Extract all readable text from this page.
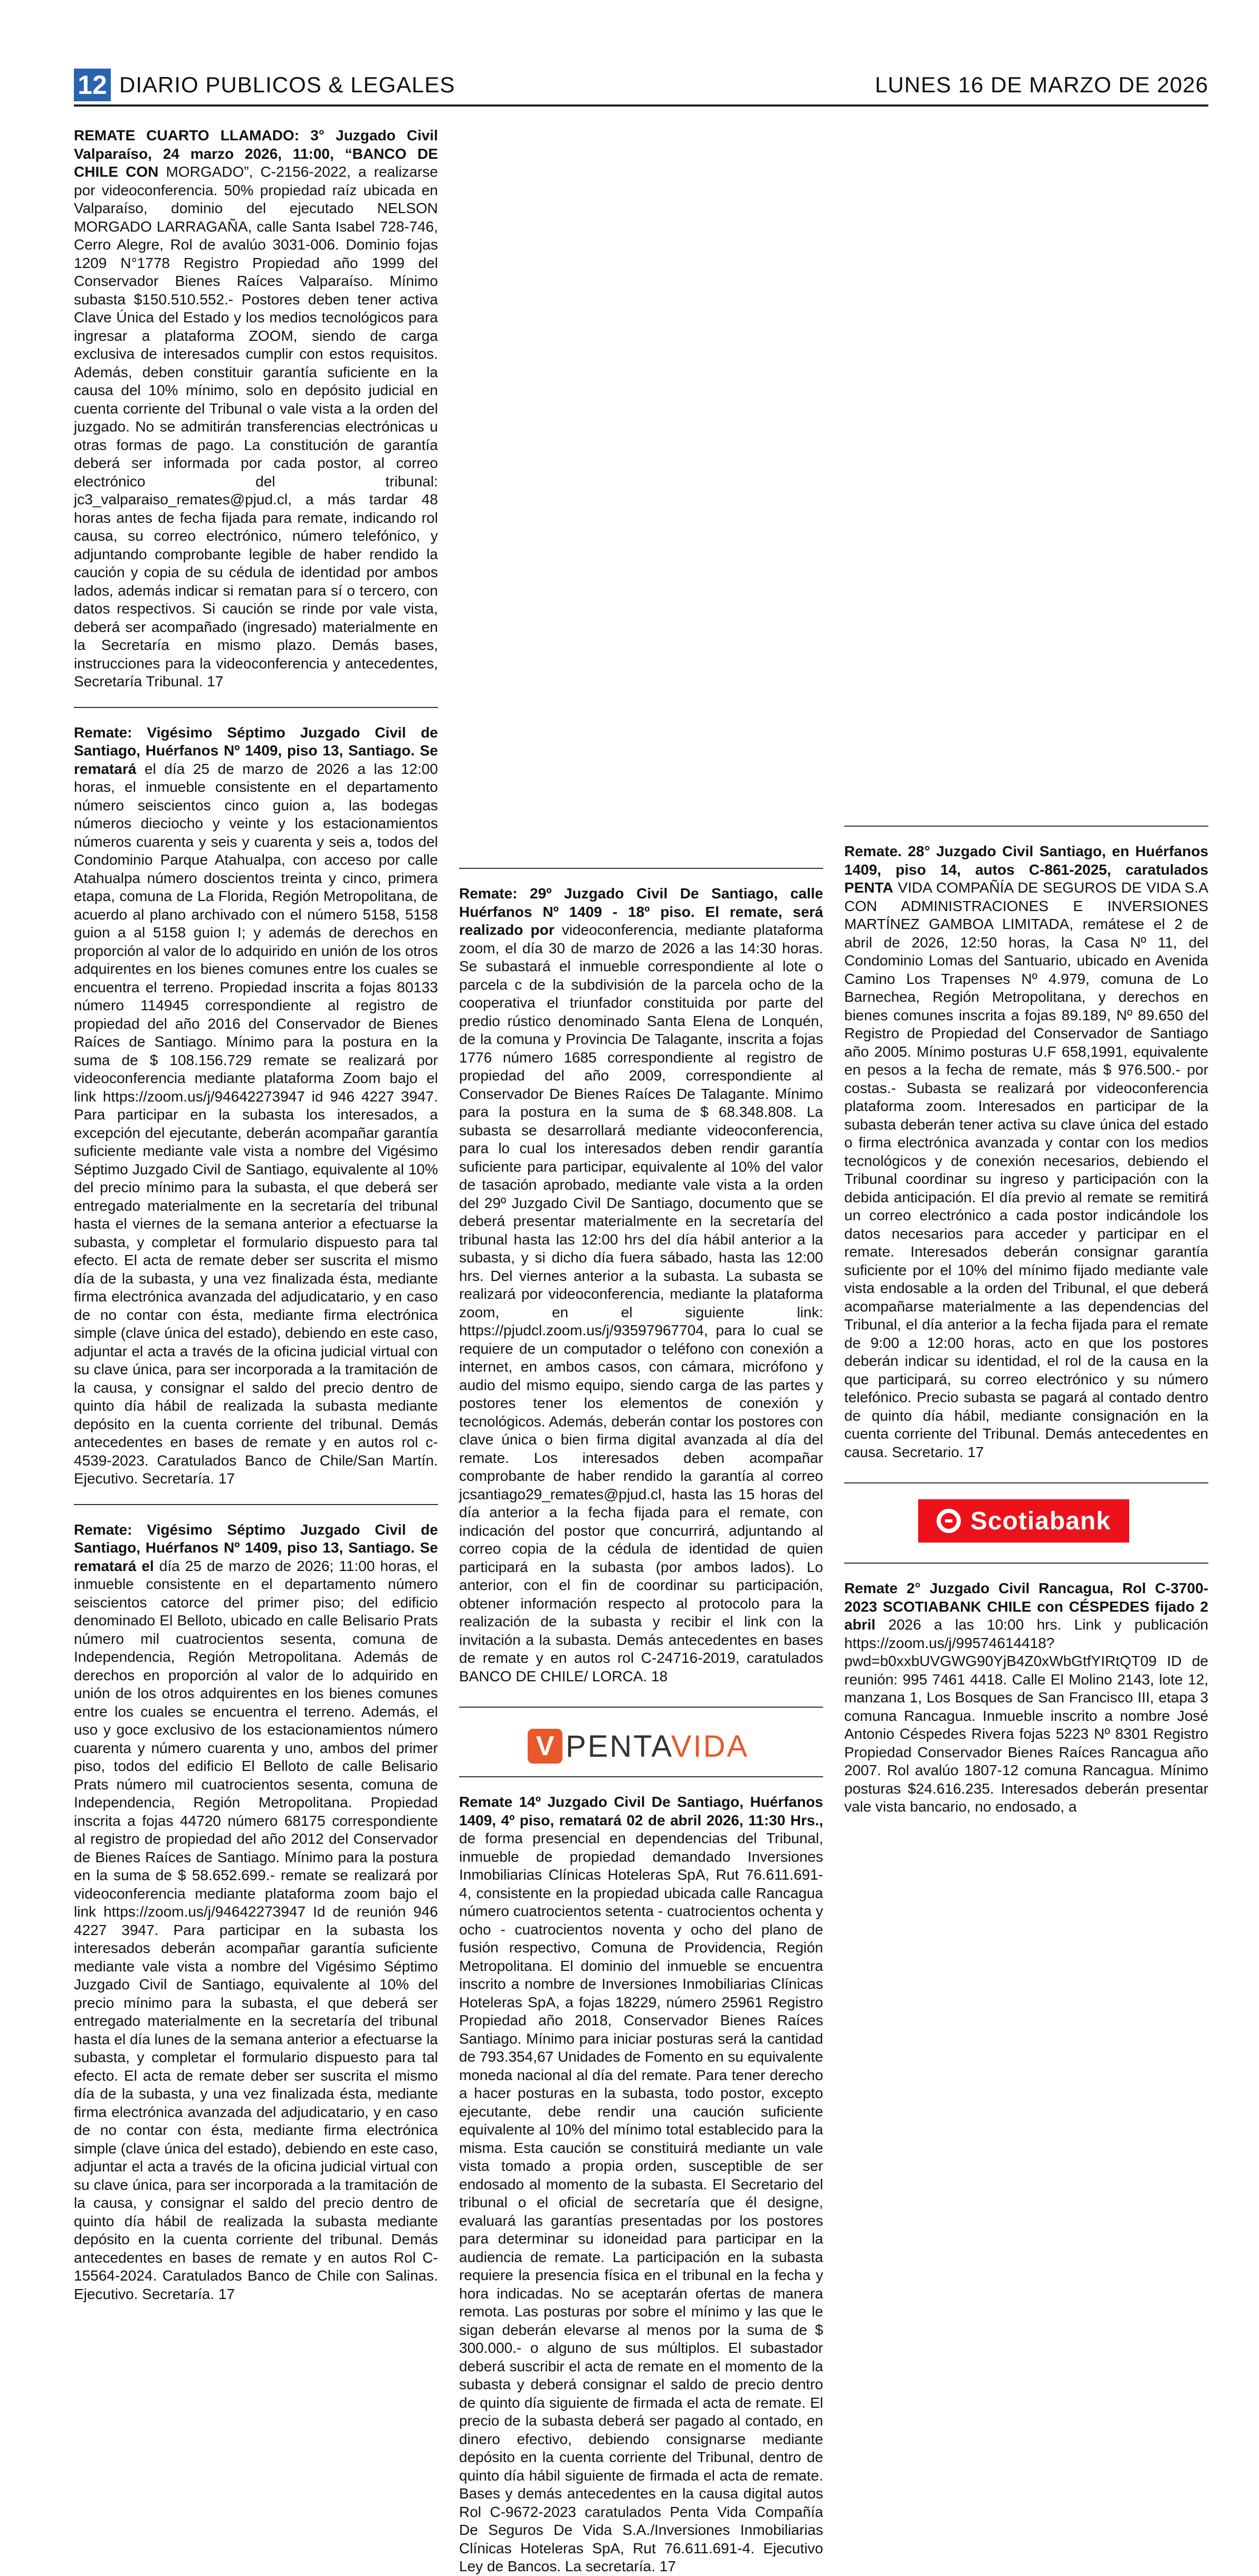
12 DIARIO PUBLICOS & LEGALES	LUNES 16 DE MARZO DE 2026

REMATE CUARTO LLAMADO: 3° Juzgado Civil Valparaíso, 24 marzo 2026, 11:00, “BANCO DE CHILE CON MORGADO”, C-2156-2022, a realizarse por videoconferencia. 50% propiedad raíz ubicada en Valparaíso, dominio del ejecutado NELSON MORGADO LARRAGAÑA, calle Santa Isabel 728-746, Cerro Alegre, Rol de avalúo 3031-006. Dominio fojas 1209 N°1778 Registro Propiedad año 1999 del Conservador Bienes Raíces Valparaíso. Mínimo subasta $150.510.552.- Postores deben tener activa Clave Única del Estado y los medios tecnológicos para ingresar a plataforma ZOOM, siendo de carga exclusiva de interesados cumplir con estos requisitos. Además, deben constituir garantía suficiente en la causa del 10% mínimo, solo en depósito judicial en cuenta corriente del Tribunal o vale vista a la orden del juzgado. No se admitirán transferencias electrónicas u otras formas de pago. La constitución de garantía deberá ser informada por cada postor, al correo electrónico del tribunal: jc3_valparaiso_remates@pjud.cl, a más tardar 48 horas antes de fecha fijada para remate, indicando rol causa, su correo electrónico, número telefónico, y adjuntando comprobante legible de haber rendido la caución y copia de su cédula de identidad por ambos lados, además indicar si rematan para sí o tercero, con datos respectivos. Si caución se rinde por vale vista, deberá ser acompañado (ingresado) materialmente en la Secretaría en mismo plazo. Demás bases, instrucciones para la videoconferencia y antecedentes, Secretaría Tribunal. 17

Remate: Vigésimo Séptimo Juzgado Civil de Santiago, Huérfanos Nº 1409, piso 13, Santiago. Se rematará el día 25 de marzo de 2026 a las 12:00 horas, el inmueble consistente en el departamento número seiscientos cinco guion a, las bodegas números dieciocho y veinte y los estacionamientos números cuarenta y seis y cuarenta y seis a, todos del Condominio Parque Atahualpa, con acceso por calle Atahualpa número doscientos treinta y cinco, primera etapa, comuna de La Florida, Región Metropolitana, de acuerdo al plano archivado con el número 5158, 5158 guion a al 5158 guion I; y además de derechos en proporción al valor de lo adquirido en unión de los otros adquirentes en los bienes comunes entre los cuales se encuentra el terreno. Propiedad inscrita a fojas 80133 número 114945 correspondiente al registro de propiedad del año 2016 del Conservador de Bienes Raíces de Santiago. Mínimo para la postura en la suma de $ 108.156.729 remate se realizará por videoconferencia mediante plataforma Zoom bajo el link https://zoom.us/j/94642273947 id 946 4227 3947. Para participar en la subasta los interesados, a excepción del ejecutante, deberán acompañar garantía suficiente mediante vale vista a nombre del Vigésimo Séptimo Juzgado Civil de Santiago, equivalente al 10% del precio mínimo para la subasta, el que deberá ser entregado materialmente en la secretaría del tribunal hasta el viernes de la semana anterior a efectuarse la subasta, y completar el formulario dispuesto para tal efecto. El acta de remate deber ser suscrita el mismo día de la subasta, y una vez finalizada ésta, mediante firma electrónica avanzada del adjudicatario, y en caso de no contar con ésta, mediante firma electrónica simple (clave única del estado), debiendo en este caso, adjuntar el acta a través de la oficina judicial virtual con su clave única, para ser incorporada a la tramitación de la causa, y consignar el saldo del precio dentro de quinto día hábil de realizada la subasta mediante depósito en la cuenta corriente del tribunal. Demás antecedentes en bases de remate y en autos rol c-4539-2023. Caratulados Banco de Chile/San Martín. Ejecutivo. Secretaría. 17

Remate: Vigésimo Séptimo Juzgado Civil de Santiago, Huérfanos Nº 1409, piso 13, Santiago. Se rematará el día 25 de marzo de 2026; 11:00 horas, el inmueble consistente en el departamento número seiscientos catorce del primer piso; del edificio denominado El Belloto, ubicado en calle Belisario Prats número mil cuatrocientos sesenta, comuna de Independencia, Región Metropolitana. Además de derechos en proporción al valor de lo adquirido en unión de los otros adquirentes en los bienes comunes entre los cuales se encuentra el terreno. Además, el uso y goce exclusivo de los estacionamientos número cuarenta y número cuarenta y uno, ambos del primer piso, todos del edificio El Belloto de calle Belisario Prats número mil cuatrocientos sesenta, comuna de Independencia, Región Metropolitana. Propiedad inscrita a fojas 44720 número 68175 correspondiente al registro de propiedad del año 2012 del Conservador de Bienes Raíces de Santiago. Mínimo para la postura en la suma de $ 58.652.699.- remate se realizará por videoconferencia mediante plataforma zoom bajo el link https://zoom.us/j/94642273947 Id de reunión 946 4227 3947. Para participar en la subasta los interesados deberán acompañar garantía suficiente mediante vale vista a nombre del Vigésimo Séptimo Juzgado Civil de Santiago, equivalente al 10% del precio mínimo para la subasta, el que deberá ser entregado materialmente en la secretaría del tribunal hasta el día lunes de la semana anterior a efectuarse la subasta, y completar el formulario dispuesto para tal efecto. El acta de remate deber ser suscrita el mismo día de la subasta, y una vez finalizada ésta, mediante firma electrónica avanzada del adjudicatario, y en caso de no contar con ésta, mediante firma electrónica simple (clave única del estado), debiendo en este caso, adjuntar el acta a través de la oficina judicial virtual con su clave única, para ser incorporada a la tramitación de la causa, y consignar el saldo del precio dentro de quinto día hábil de realizada la subasta mediante depósito en la cuenta corriente del tribunal. Demás antecedentes en bases de remate y en autos Rol C-15564-2024. Caratulados Banco de Chile con Salinas. Ejecutivo. Secretaría. 17

Remate: 29º Juzgado Civil De Santiago, calle Huérfanos Nº 1409 - 18º piso. El remate, será realizado por videoconferencia, mediante plataforma zoom, el día 30 de marzo de 2026 a las 14:30 horas. Se subastará el inmueble correspondiente al lote o parcela c de la subdivisión de la parcela ocho de la cooperativa el triunfador constituida por parte del predio rústico denominado Santa Elena de Lonquén, de la comuna y Provincia De Talagante, inscrita a fojas 1776 número 1685 correspondiente al registro de propiedad del año 2009, correspondiente al Conservador De Bienes Raíces De Talagante. Mínimo para la postura en la suma de $ 68.348.808. La subasta se desarrollará mediante videoconferencia, para lo cual los interesados deben rendir garantía suficiente para participar, equivalente al 10% del valor de tasación aprobado, mediante vale vista a la orden del 29º Juzgado Civil De Santiago, documento que se deberá presentar materialmente en la secretaría del tribunal hasta las 12:00 hrs del día hábil anterior a la subasta, y si dicho día fuera sábado, hasta las 12:00 hrs. Del viernes anterior a la subasta. La subasta se realizará por videoconferencia, mediante la plataforma zoom, en el siguiente link: https://pjudcl.zoom.us/j/93597967704, para lo cual se requiere de un computador o teléfono con conexión a internet, en ambos casos, con cámara, micrófono y audio del mismo equipo, siendo carga de las partes y postores tener los elementos de conexión y tecnológicos. Además, deberán contar los postores con clave única o bien firma digital avanzada al día del remate. Los interesados deben acompañar comprobante de haber rendido la garantía al correo jcsantiago29_remates@pjud.cl, hasta las 15 horas del día anterior a la fecha fijada para el remate, con indicación del postor que concurrirá, adjuntando al correo copia de la cédula de identidad de quien participará en la subasta (por ambos lados). Lo anterior, con el fin de coordinar su participación, obtener información respecto al protocolo para la realización de la subasta y recibir el link con la invitación a la subasta. Demás antecedentes en bases de remate y en autos rol C-24716-2019, caratulados BANCO DE CHILE/ LORCA. 18

V PENTAVIDA

Remate 14º Juzgado Civil De Santiago, Huérfanos 1409, 4º piso, rematará 02 de abril 2026, 11:30 Hrs., de forma presencial en dependencias del Tribunal, inmueble de propiedad demandado Inversiones Inmobiliarias Clínicas Hoteleras SpA, Rut 76.611.691-4, consistente en la propiedad ubicada calle Rancagua número cuatrocientos setenta - cuatrocientos ochenta y ocho - cuatrocientos noventa y ocho del plano de fusión respectivo, Comuna de Providencia, Región Metropolitana. El dominio del inmueble se encuentra inscrito a nombre de Inversiones Inmobiliarias Clínicas Hoteleras SpA, a fojas 18229, número 25961 Registro Propiedad año 2018, Conservador Bienes Raíces Santiago. Mínimo para iniciar posturas será la cantidad de 793.354,67 Unidades de Fomento en su equivalente moneda nacional al día del remate. Para tener derecho a hacer posturas en la subasta, todo postor, excepto ejecutante, debe rendir una caución suficiente equivalente al 10% del mínimo total establecido para la misma. Esta caución se constituirá mediante un vale vista tomado a propia orden, susceptible de ser endosado al momento de la subasta. El Secretario del tribunal o el oficial de secretaría que él designe, evaluará las garantías presentadas por los postores para determinar su idoneidad para participar en la audiencia de remate. La participación en la subasta requiere la presencia física en el tribunal en la fecha y hora indicadas. No se aceptarán ofertas de manera remota. Las posturas por sobre el mínimo y las que le sigan deberán elevarse al menos por la suma de $ 300.000.- o alguno de sus múltiplos. El subastador deberá suscribir el acta de remate en el momento de la subasta y deberá consignar el saldo de precio dentro de quinto día siguiente de firmada el acta de remate. El precio de la subasta deberá ser pagado al contado, en dinero efectivo, debiendo consignarse mediante depósito en la cuenta corriente del Tribunal, dentro de quinto día hábil siguiente de firmada el acta de remate. Bases y demás antecedentes en la causa digital autos Rol C-9672-2023 caratulados Penta Vida Compañía De Seguros De Vida S.A./Inversiones Inmobiliarias Clínicas Hoteleras SpA, Rut 76.611.691-4. Ejecutivo Ley de Bancos. La secretaría. 17

Remate. 28° Juzgado Civil Santiago, en Huérfanos 1409, piso 14, autos C-861-2025, caratulados PENTA VIDA COMPAÑÍA DE SEGUROS DE VIDA S.A CON ADMINISTRACIONES E INVERSIONES MARTÍNEZ GAMBOA LIMITADA, remátese el 2 de abril de 2026, 12:50 horas, la Casa Nº 11, del Condominio Lomas del Santuario, ubicado en Avenida Camino Los Trapenses Nº 4.979, comuna de Lo Barnechea, Región Metropolitana, y derechos en bienes comunes inscrita a fojas 89.189, Nº 89.650 del Registro de Propiedad del Conservador de Santiago año 2005. Mínimo posturas U.F 658,1991, equivalente en pesos a la fecha de remate, más $ 976.500.- por costas.- Subasta se realizará por videoconferencia plataforma zoom. Interesados en participar de la subasta deberán tener activa su clave única del estado o firma electrónica avanzada y contar con los medios tecnológicos y de conexión necesarios, debiendo el Tribunal coordinar su ingreso y participación con la debida anticipación. El día previo al remate se remitirá un correo electrónico a cada postor indicándole los datos necesarios para acceder y participar en el remate. Interesados deberán consignar garantía suficiente por el 10% del mínimo fijado mediante vale vista endosable a la orden del Tribunal, el que deberá acompañarse materialmente a las dependencias del Tribunal, el día anterior a la fecha fijada para el remate de 9:00 a 12:00 horas, acto en que los postores deberán indicar su identidad, el rol de la causa en la que participará, su correo electrónico y su número telefónico. Precio subasta se pagará al contado dentro de quinto día hábil, mediante consignación en la cuenta corriente del Tribunal. Demás antecedentes en causa. Secretario. 17

Scotiabank

Remate 2° Juzgado Civil Rancagua, Rol C-3700-2023 SCOTIABANK CHILE con CÉSPEDES fijado 2 abril 2026 a las 10:00 hrs. Link y publicación https://zoom.us/j/99574614418?pwd=b0xxbUVGWG90YjB4Z0xWbGtfYIRtQT09 ID de reunión: 995 7461 4418. Calle El Molino 2143, lote 12, manzana 1, Los Bosques de San Francisco III, etapa 3 comuna Rancagua. Inmueble inscrito a nombre José Antonio Céspedes Rivera fojas 5223 Nº 8301 Registro Propiedad Conservador Bienes Raíces Rancagua año 2007. Rol avalúo 1807-12 comuna Rancagua. Mínimo posturas $24.616.235. Interesados deberán presentar vale vista bancario, no endosado, a
